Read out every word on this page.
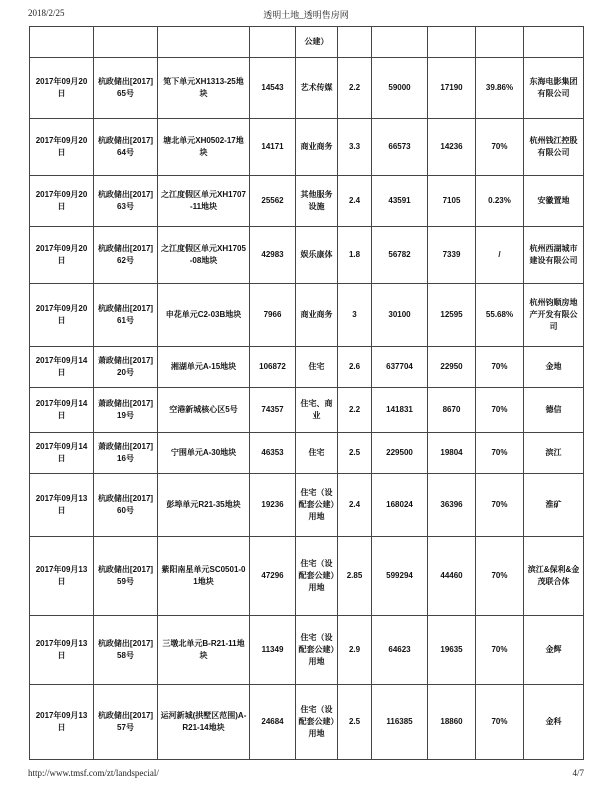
2018/2/25	透明土地_透明售房网
				公建）					
2017年09月20日	杭政储出[2017]65号	笕下单元XH1313-25地块	14543	艺术传媒	2.2	59000	17190	39.86%	东海电影集团有限公司
2017年09月20日	杭政储出[2017]64号	塘北单元XH0502-17地块	14171	商业商务	3.3	66573	14236	70%	杭州钱江控股有限公司
2017年09月20日	杭政储出[2017]63号	之江度假区单元XH1707-11地块	25562	其他服务设施	2.4	43591	7105	0.23%	安徽置地
2017年09月20日	杭政储出[2017]62号	之江度假区单元XH1705-08地块	42983	娱乐康体	1.8	56782	7339	/	杭州西湖城市建设有限公司
2017年09月20日	杭政储出[2017]61号	申花单元C2-03B地块	7966	商业商务	3	30100	12595	55.68%	杭州钧顺房地产开发有限公司
2017年09月14日	萧政储出[2017]20号	湘湖单元A-15地块	106872	住宅	2.6	637704	22950	70%	金地
2017年09月14日	萧政储出[2017]19号	空港新城核心区5号	74357	住宅、商业	2.2	141831	8670	70%	德信
2017年09月14日	萧政储出[2017]16号	宁围单元A-30地块	46353	住宅	2.5	229500	19804	70%	滨江
2017年09月13日	杭政储出[2017]60号	彭埠单元R21-35地块	19236	住宅（设配套公建）用地	2.4	168024	36396	70%	淮矿
2017年09月13日	杭政储出[2017]59号	紫阳南星单元SC0501-01地块	47296	住宅（设配套公建）用地	2.85	599294	44460	70%	滨江&保利&金茂联合体
2017年09月13日	杭政储出[2017]58号	三墩北单元B-R21-11地块	11349	住宅（设配套公建）用地	2.9	64623	19635	70%	金辉
2017年09月13日	杭政储出[2017]57号	运河新城(拱墅区范围)A-R21-14地块	24684	住宅（设配套公建）用地	2.5	116385	18860	70%	金科
http://www.tmsf.com/zt/landspecial/	4/7
